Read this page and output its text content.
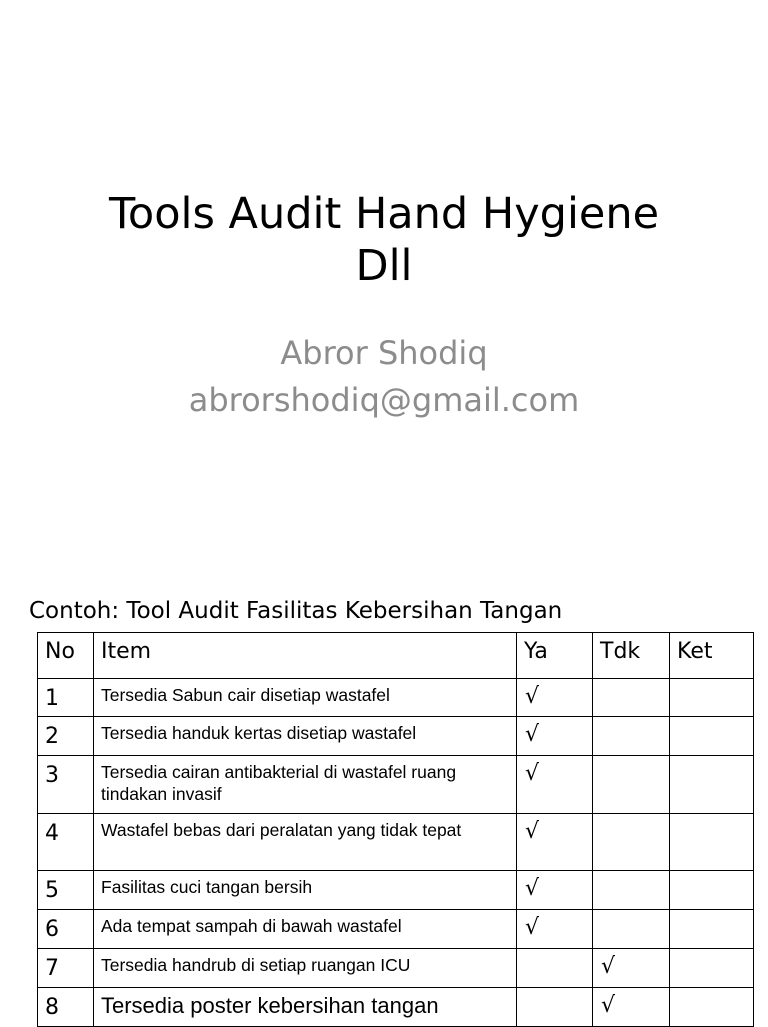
Tools Audit Hand Hygiene
Dll
Abror Shodiq
abrorshodiq@gmail.com
Contoh: Tool Audit Fasilitas Kebersihan Tangan
No	Item	Ya	Tdk	Ket

1	Tersedia Sabun cair disetiap wastafel	√		

2	Tersedia handuk kertas disetiap wastafel	√		

3	Tersedia cairan antibakterial di wastafel ruang tindakan invasif	√		

4	Wastafel bebas dari peralatan yang tidak tepat	√		

5	Fasilitas cuci tangan bersih	√		

6	Ada tempat sampah di bawah wastafel	√		

7	Tersedia handrub di setiap ruangan ICU		√	

8	Tersedia poster kebersihan tangan		√	
